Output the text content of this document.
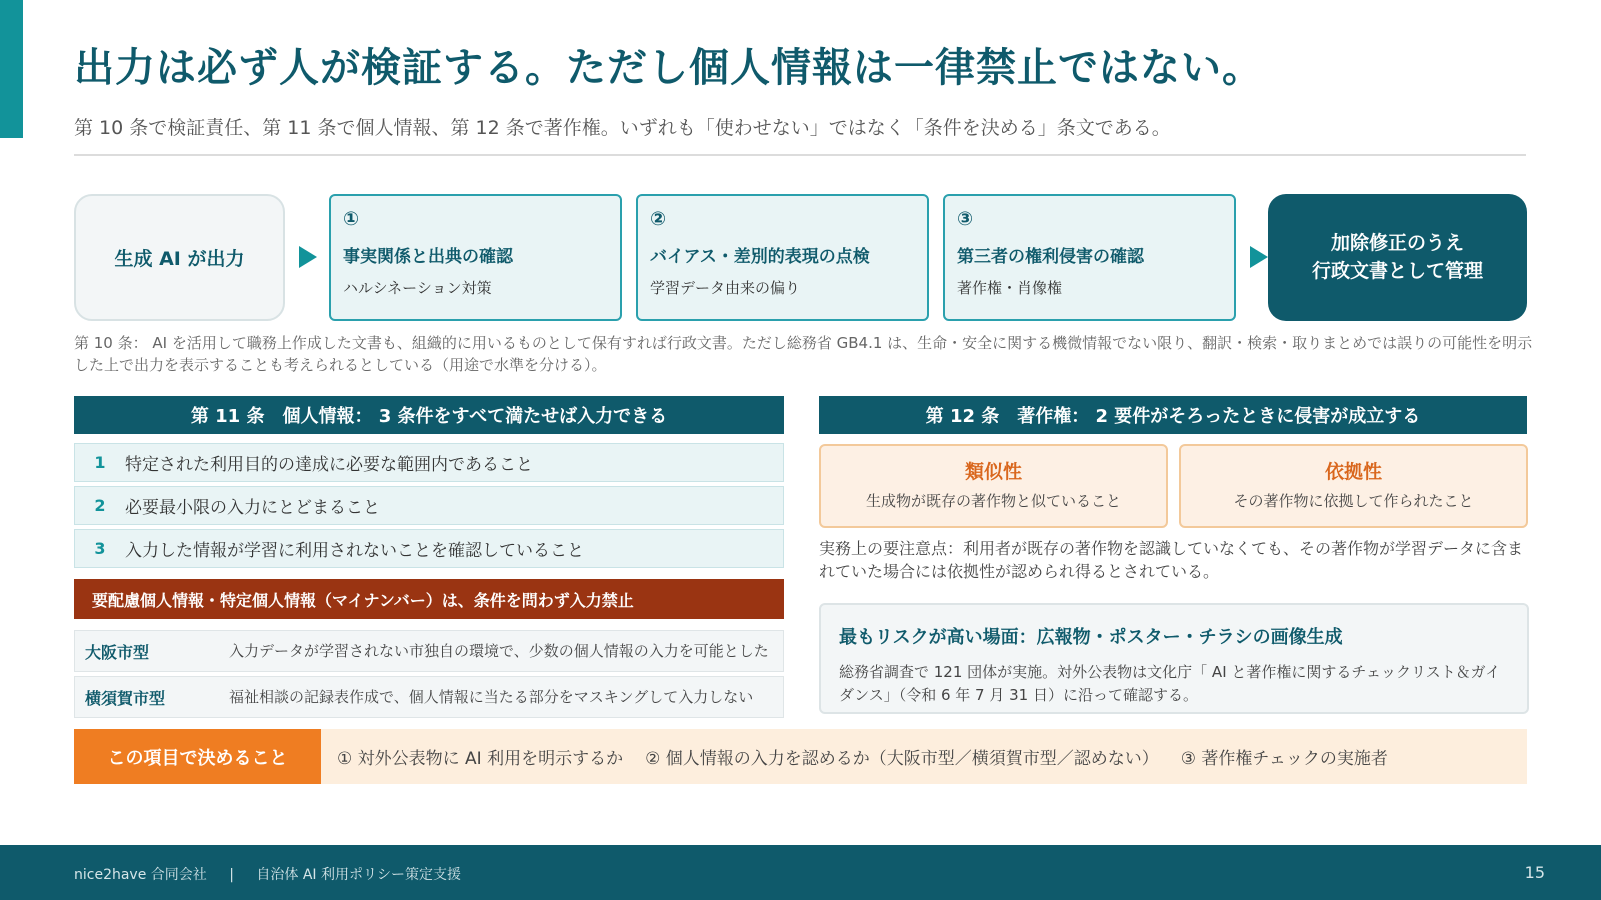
出力は必ず人が検証する。ただし個人情報は一律禁止ではない。

第 10 条で検証責任、第 11 条で個人情報、第 12 条で著作権。いずれも「使わせない」ではなく「条件を決める」条文である。

生成 AI が出力
①
事実関係と出典の確認
ハルシネーション対策
②
バイアス・差別的表現の点検
学習データ由来の偏り
③
第三者の権利侵害の確認
著作権・肖像権
加除修正のうえ
行政文書として管理

第 10 条： AI を活用して職務上作成した文書も、組織的に用いるものとして保有すれば行政文書。ただし総務省 GB4.1 は、生命・安全に関する機微情報でない限り、翻訳・検索・取りまとめでは誤りの可能性を明示した上で出力を表示することも考えられるとしている（用途で水準を分ける）。

第 11 条　個人情報： 3 条件をすべて満たせば入力できる
1	特定された利用目的の達成に必要な範囲内であること
2	必要最小限の入力にとどまること
3	入力した情報が学習に利用されないことを確認していること
要配慮個人情報・特定個人情報（マイナンバー）は、条件を問わず入力禁止
大阪市型	入力データが学習されない市独自の環境で、少数の個人情報の入力を可能とした
横須賀市型	福祉相談の記録表作成で、個人情報に当たる部分をマスキングして入力しない
第 12 条　著作権： 2 要件がそろったときに侵害が成立する
類似性
生成物が既存の著作物と似ていること
依拠性
その著作物に依拠して作られたこと

実務上の要注意点：利用者が既存の著作物を認識していなくても、その著作物が学習データに含まれていた場合には依拠性が認められ得るとされている。

最もリスクが高い場面：広報物・ポスター・チラシの画像生成
総務省調査で 121 団体が実施。対外公表物は文化庁「 AI と著作権に関するチェックリスト＆ガイダンス」（令和 6 年 7 月 31 日）に沿って確認する。
この項目で決めること	① 対外公表物に AI 利用を明示するか ② 個人情報の入力を認めるか（大阪市型／横須賀市型／認めない） ③ 著作権チェックの実施者
nice2have 合同会社 | 自治体 AI 利用ポリシー策定支援	15
